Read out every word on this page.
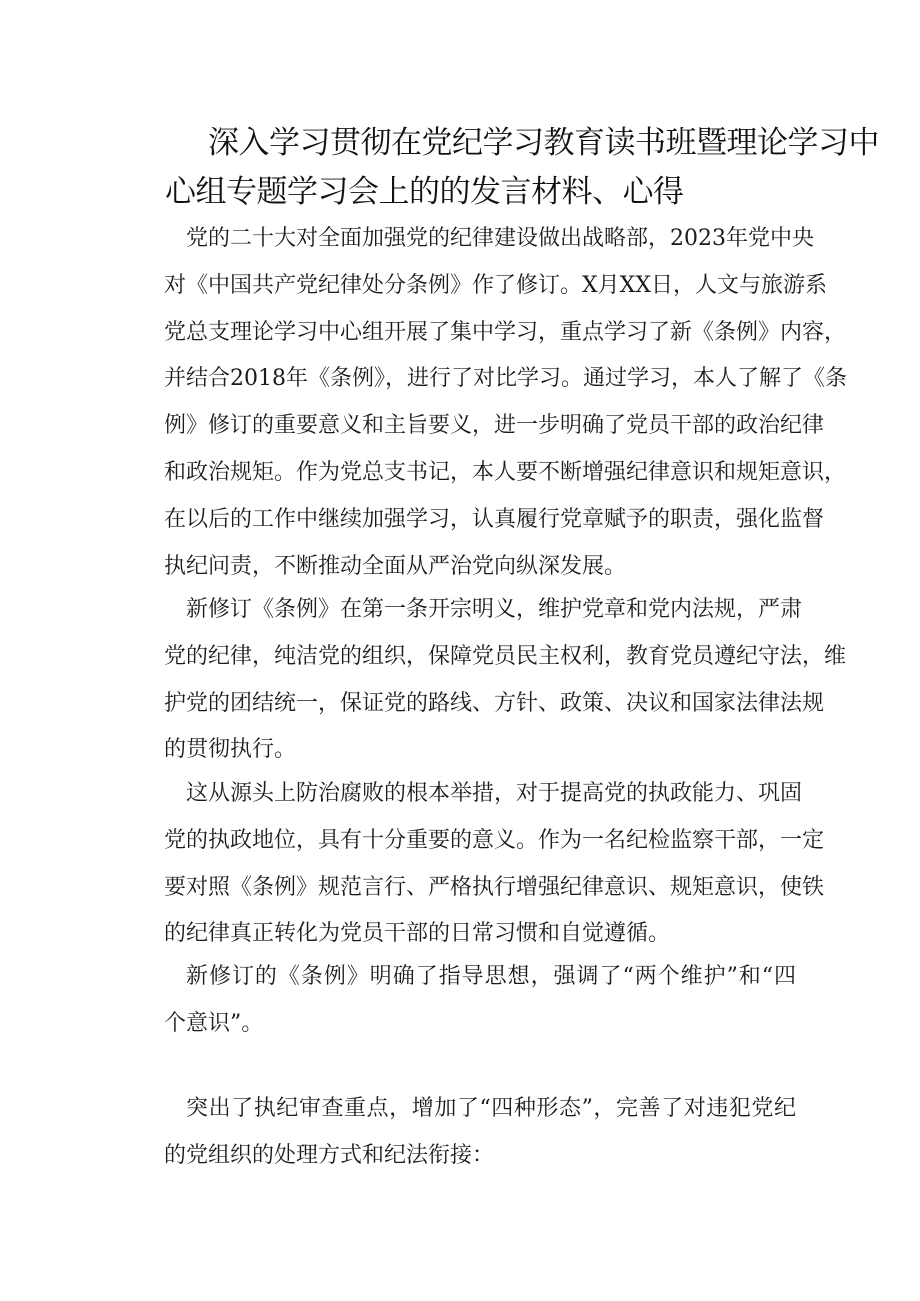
深入学习贯彻在党纪学习教育读书班暨理论学习中
心组专题学习会上的的发言材料、心得

党的二十大对全面加强党的纪律建设做出战略部，2023年党中央
对《中国共产党纪律处分条例》作了修订。X月XX日，人文与旅游系
党总支理论学习中心组开展了集中学习，重点学习了新《条例》内容，
并结合2018年《条例》，进行了对比学习。通过学习，本人了解了《条
例》修订的重要意义和主旨要义，进一步明确了党员干部的政治纪律
和政治规矩。作为党总支书记，本人要不断增强纪律意识和规矩意识，
在以后的工作中继续加强学习，认真履行党章赋予的职责，强化监督
执纪问责，不断推动全面从严治党向纵深发展。

新修订《条例》在第一条开宗明义，维护党章和党内法规，严肃
党的纪律，纯洁党的组织，保障党员民主权利，教育党员遵纪守法，维
护党的团结统一，保证党的路线、方针、政策、决议和国家法律法规
的贯彻执行。

这从源头上防治腐败的根本举措，对于提高党的执政能力、巩固
党的执政地位，具有十分重要的意义。作为一名纪检监察干部，一定
要对照《条例》规范言行、严格执行增强纪律意识、规矩意识，使铁
的纪律真正转化为党员干部的日常习惯和自觉遵循。

新修订的《条例》明确了指导思想，强调了“两个维护”和“四
个意识”。

突出了执纪审查重点，增加了“四种形态”，完善了对违犯党纪
的党组织的处理方式和纪法衔接：
